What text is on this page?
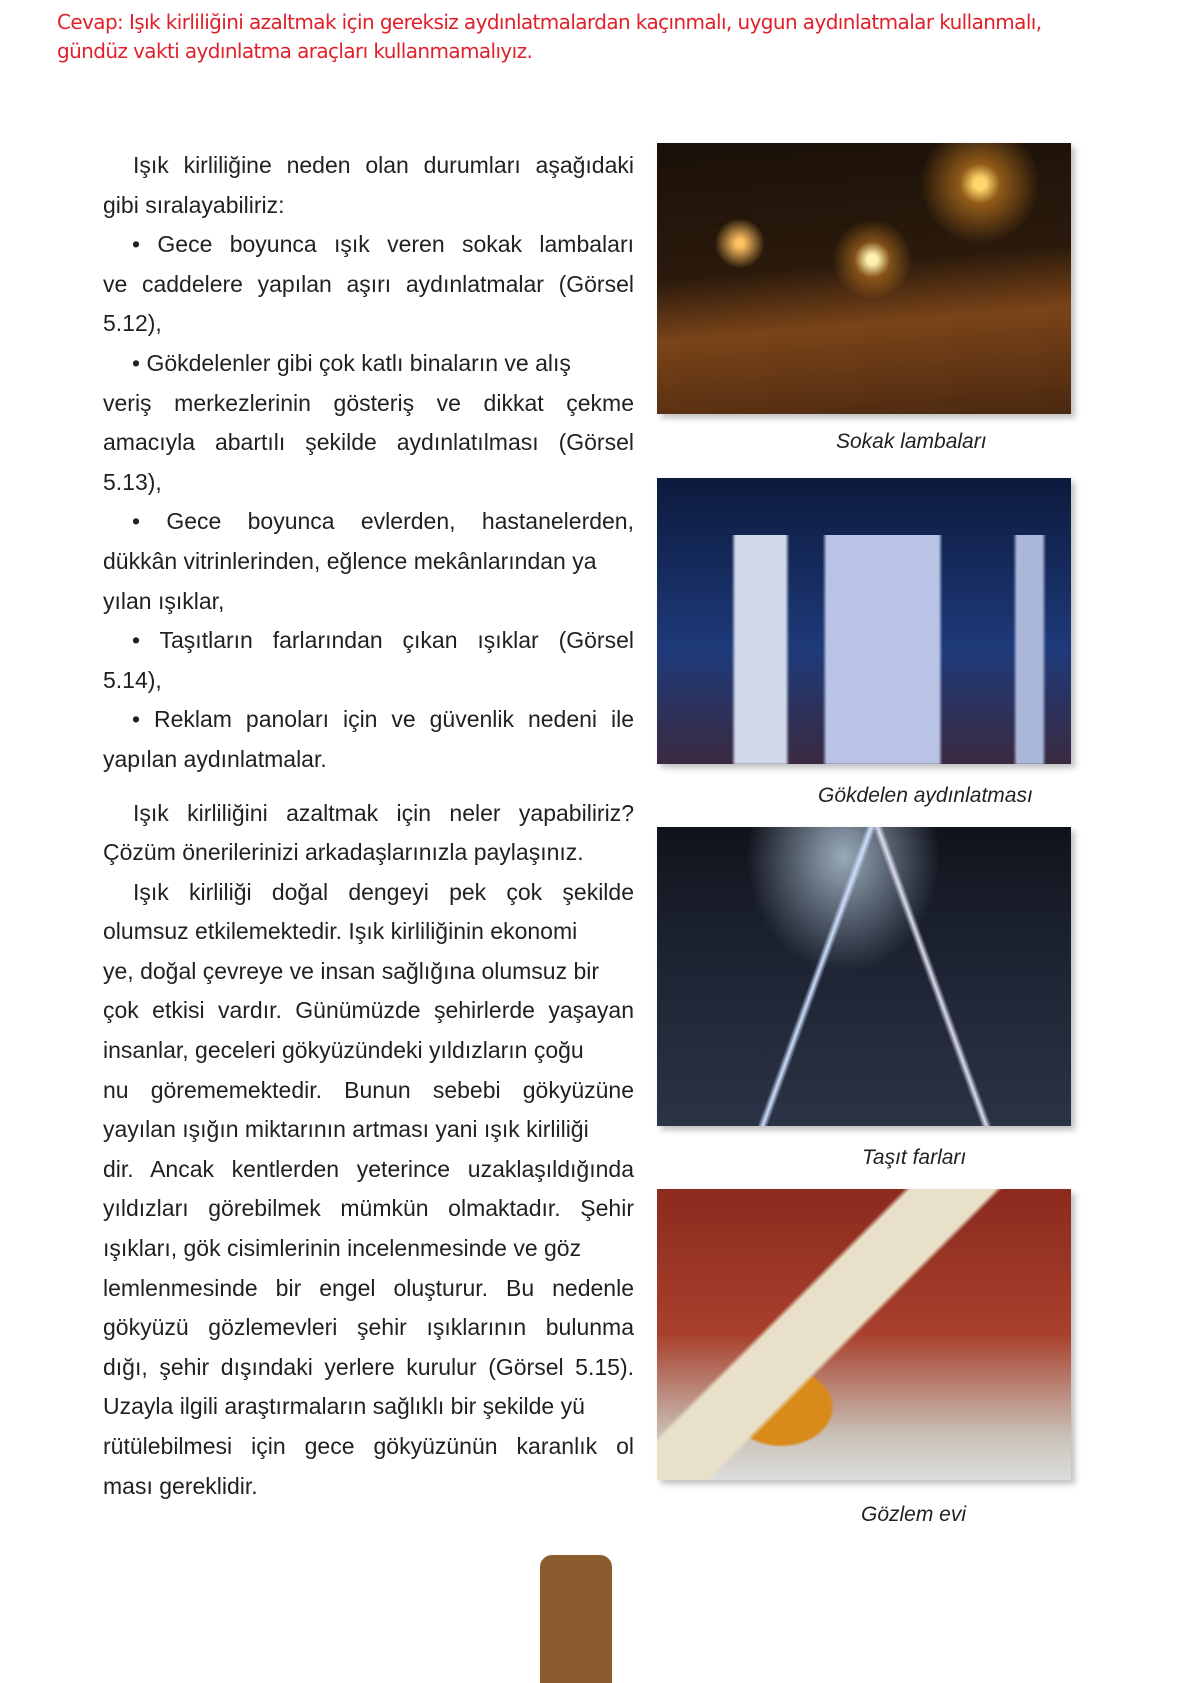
Cevap: Işık kirliliğini azaltmak için gereksiz aydınlatmalardan kaçınmalı, uygun aydınlatmalar kullanmalı,
gündüz vakti aydınlatma araçları kullanmamalıyız.
Işık kirliliğine neden olan durumları aşağıdaki
gibi sıralayabiliriz:
• Gece boyunca ışık veren sokak lambaları
ve caddelere yapılan aşırı aydınlatmalar (Görsel
5.12),
• Gökdelenler gibi çok katlı binaların ve alış
veriş merkezlerinin gösteriş ve dikkat çekme
amacıyla abartılı şekilde aydınlatılması (Görsel
5.13),
• Gece boyunca evlerden, hastanelerden,
dükkân vitrinlerinden, eğlence mekânlarından ya
yılan ışıklar,
• Taşıtların farlarından çıkan ışıklar (Görsel
5.14),
• Reklam panoları için ve güvenlik nedeni ile
yapılan aydınlatmalar.
Işık kirliliğini azaltmak için neler yapabiliriz?
Çözüm önerilerinizi arkadaşlarınızla paylaşınız.
Işık kirliliği doğal dengeyi pek çok şekilde
olumsuz etkilemektedir. Işık kirliliğinin ekonomi
ye, doğal çevreye ve insan sağlığına olumsuz bir
çok etkisi vardır. Günümüzde şehirlerde yaşayan
insanlar, geceleri gökyüzündeki yıldızların çoğu
nu görememektedir. Bunun sebebi gökyüzüne
yayılan ışığın miktarının artması yani ışık kirliliği
dir. Ancak kentlerden yeterince uzaklaşıldığında
yıldızları görebilmek mümkün olmaktadır. Şehir
ışıkları, gök cisimlerinin incelenmesinde ve göz
lemlenmesinde bir engel oluşturur. Bu nedenle
gökyüzü gözlemevleri şehir ışıklarının bulunma
dığı, şehir dışındaki yerlere kurulur (Görsel 5.15).
Uzayla ilgili araştırmaların sağlıklı bir şekilde yü
rütülebilmesi için gece gökyüzünün karanlık ol
ması gereklidir.
Sokak lambaları
Gökdelen aydınlatması
Taşıt farları
Gözlem evi
